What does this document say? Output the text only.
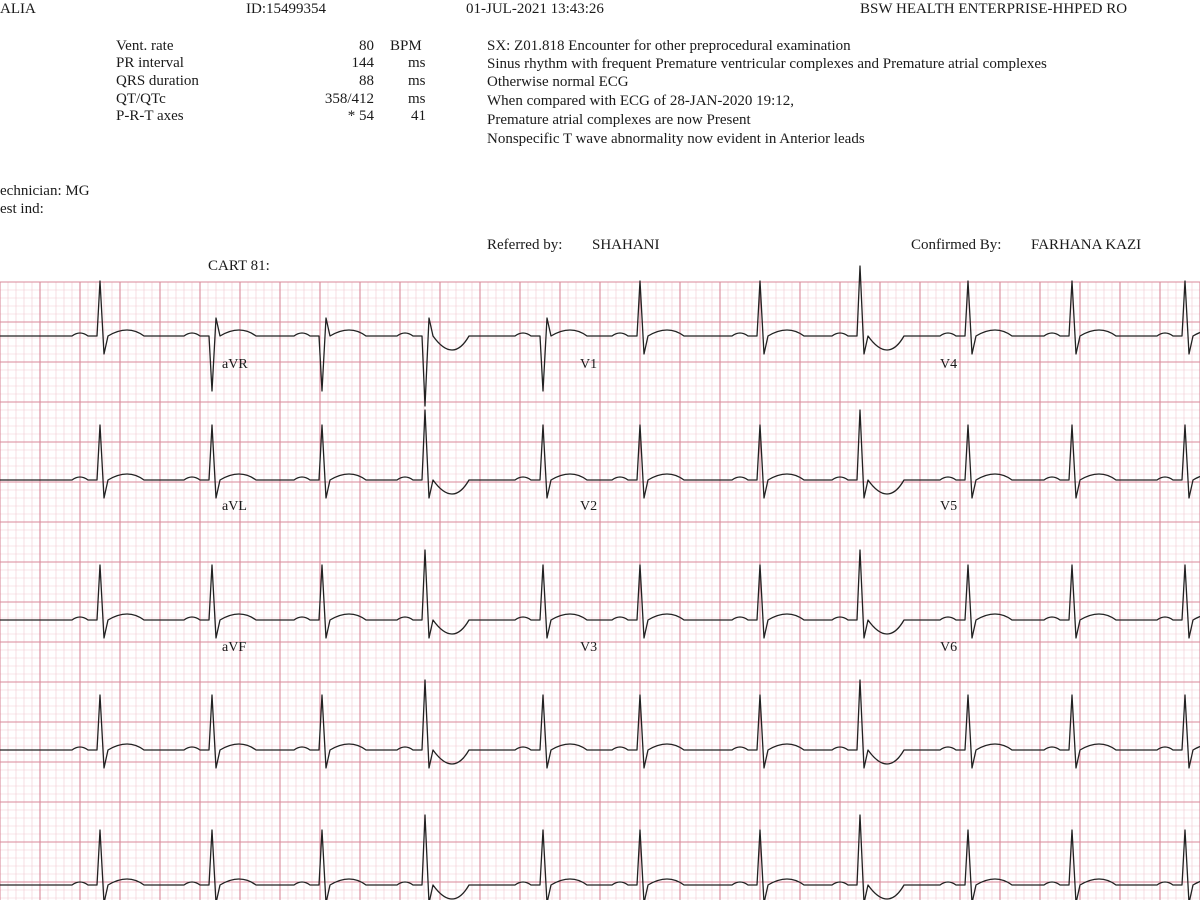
ALIA	ID:15499354	01-JUL-2021 13:43:26	BSW HEALTH ENTERPRISE-HHPED RO
Vent. rate	80 BPM
PR interval	144 ms
QRS duration	88 ms
QT/QTc	358/412 ms
P-R-T axes	* 54 41
SX: Z01.818 Encounter for other preprocedural examination
Sinus rhythm with frequent Premature ventricular complexes and Premature atrial complexes
Otherwise normal ECG
When compared with ECG of 28-JAN-2020 19:12,
Premature atrial complexes are now Present
Nonspecific T wave abnormality now evident in Anterior leads
echnician: MG
est ind:
Referred by: SHAHANI	Confirmed By: FARHANA KAZI
CART 81:
aVR	V1	V4
aVL	V2	V5
aVF	V3	V6
